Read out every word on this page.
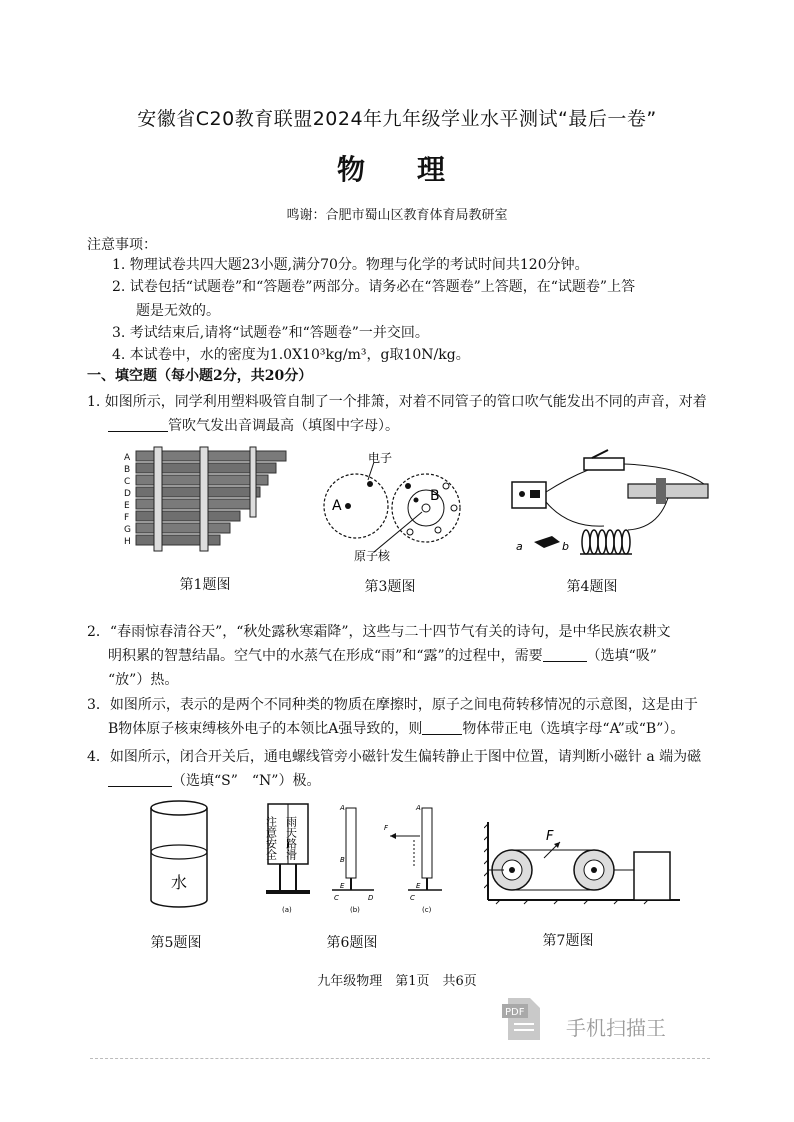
安徽省C20教育联盟2024年九年级学业水平测试“最后一卷”
物　理
鸣谢：合肥市蜀山区教育体育局教研室
注意事项：
1. 物理试卷共四大题23小题,满分70分。物理与化学的考试时间共120分钟。
2. 试卷包括“试题卷”和“答题卷”两部分。请务必在“答题卷”上答题，在“试题卷”上答
题是无效的。
3. 考试结束后,请将“试题卷”和“答题卷”一并交回。
4. 本试卷中，水的密度为1.0X10³kg/m³，g取10N/kg。
一、填空题（每小题2分，共20分）
1. 如图所示，同学利用塑料吸管自制了一个排箫，对着不同管子的管口吹气能发出不同的声音，对着
管吹气发出音调最高（填图中字母）。
A
B
C
D
E
F
G
H
第1题图
电子
原子核
A
B
第3题图
a	b
第4题图
2．“春雨惊春清谷天”，“秋处露秋寒霜降”，这些与二十四节气有关的诗句，是中华民族农耕文
明积累的智慧结晶。空气中的水蒸气在形成“雨”和“露”的过程中，需要	（选填“吸”
“放”）热。
3．如图所示，表示的是两个不同种类的物质在摩擦时，原子之间电荷转移情况的示意图，这是由于
B物体原子核束缚核外电子的本领比A强导致的，则	物体带正电（选填字母“A”或“B”）。
4．如图所示，闭合开关后，通电螺线管旁小磁针发生偏转静止于图中位置，请判断小磁针 a 端为磁
（选填“S”　“N”）极。
水
第5题图
注意安全 雨天路滑
(a)
A
B
C	D
E
(b)
F
A
C
E
(c)
第6题图
F
第7题图
九年级物理　第1页　共6页
PDF
手机扫描王
